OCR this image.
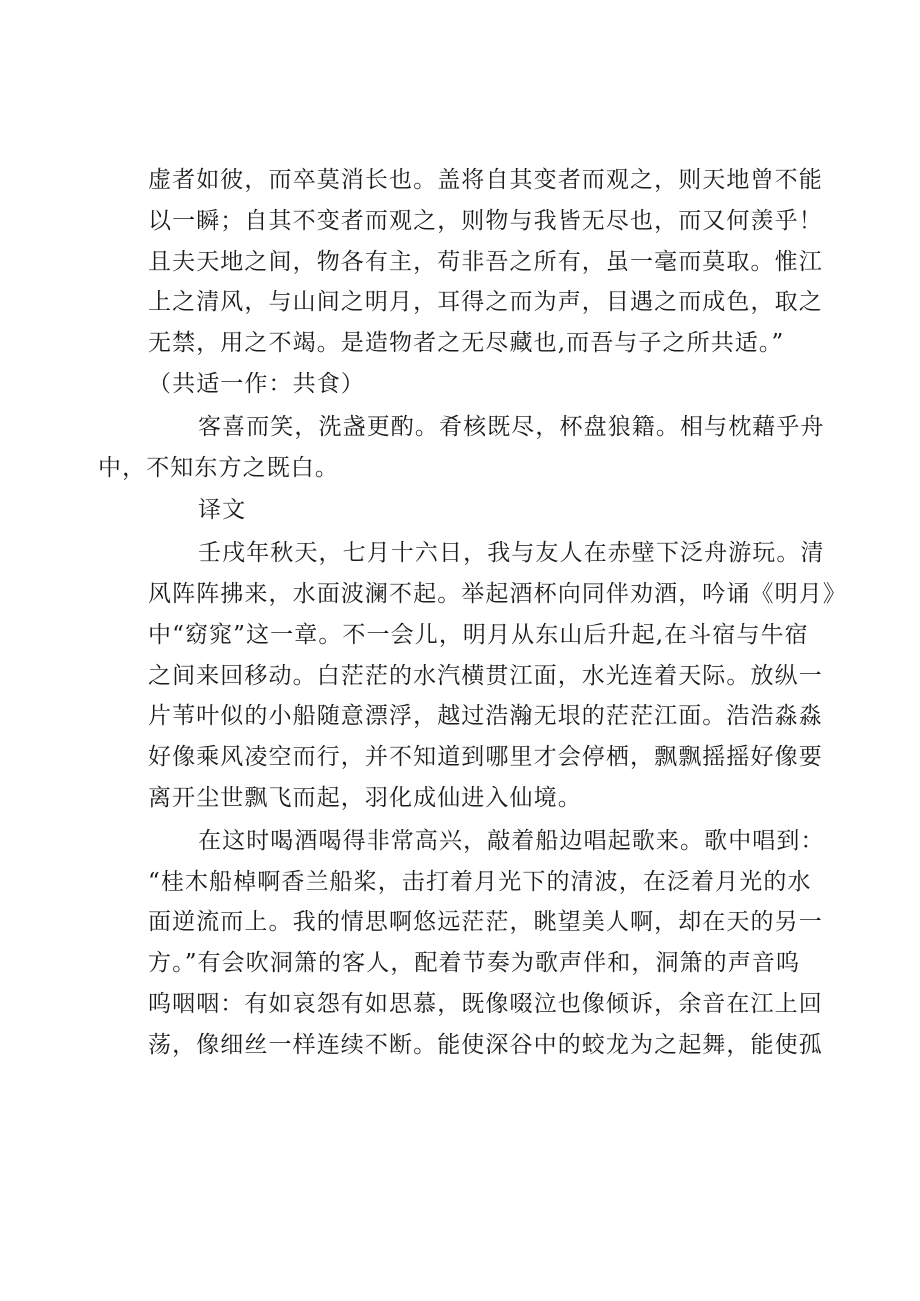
虚者如彼，而卒莫消长也。盖将自其变者而观之，则天地曾不能
以一瞬；自其不变者而观之，则物与我皆无尽也，而又何羡乎！
且夫天地之间，物各有主，苟非吾之所有，虽一毫而莫取。惟江
上之清风，与山间之明月，耳得之而为声，目遇之而成色，取之
无禁，用之不竭。是造物者之无尽藏也,而吾与子之所共适。”

（共适一作：共食）

客喜而笑，洗盏更酌。肴核既尽，杯盘狼籍。相与枕藉乎舟
中，不知东方之既白。

译文

壬戌年秋天，七月十六日，我与友人在赤壁下泛舟游玩。清
风阵阵拂来，水面波澜不起。举起酒杯向同伴劝酒，吟诵《明月》
中“窈窕”这一章。不一会儿，明月从东山后升起,在斗宿与牛宿
之间来回移动。白茫茫的水汽横贯江面，水光连着天际。放纵一
片苇叶似的小船随意漂浮，越过浩瀚无垠的茫茫江面。浩浩淼淼
好像乘风凌空而行，并不知道到哪里才会停栖，飘飘摇摇好像要
离开尘世飘飞而起，羽化成仙进入仙境。

在这时喝酒喝得非常高兴，敲着船边唱起歌来。歌中唱到：
“桂木船棹啊香兰船桨，击打着月光下的清波，在泛着月光的水
面逆流而上。我的情思啊悠远茫茫，眺望美人啊，却在天的另一
方。”有会吹洞箫的客人，配着节奏为歌声伴和，洞箫的声音呜
呜咽咽：有如哀怨有如思慕，既像啜泣也像倾诉，余音在江上回
荡，像细丝一样连续不断。能使深谷中的蛟龙为之起舞，能使孤
